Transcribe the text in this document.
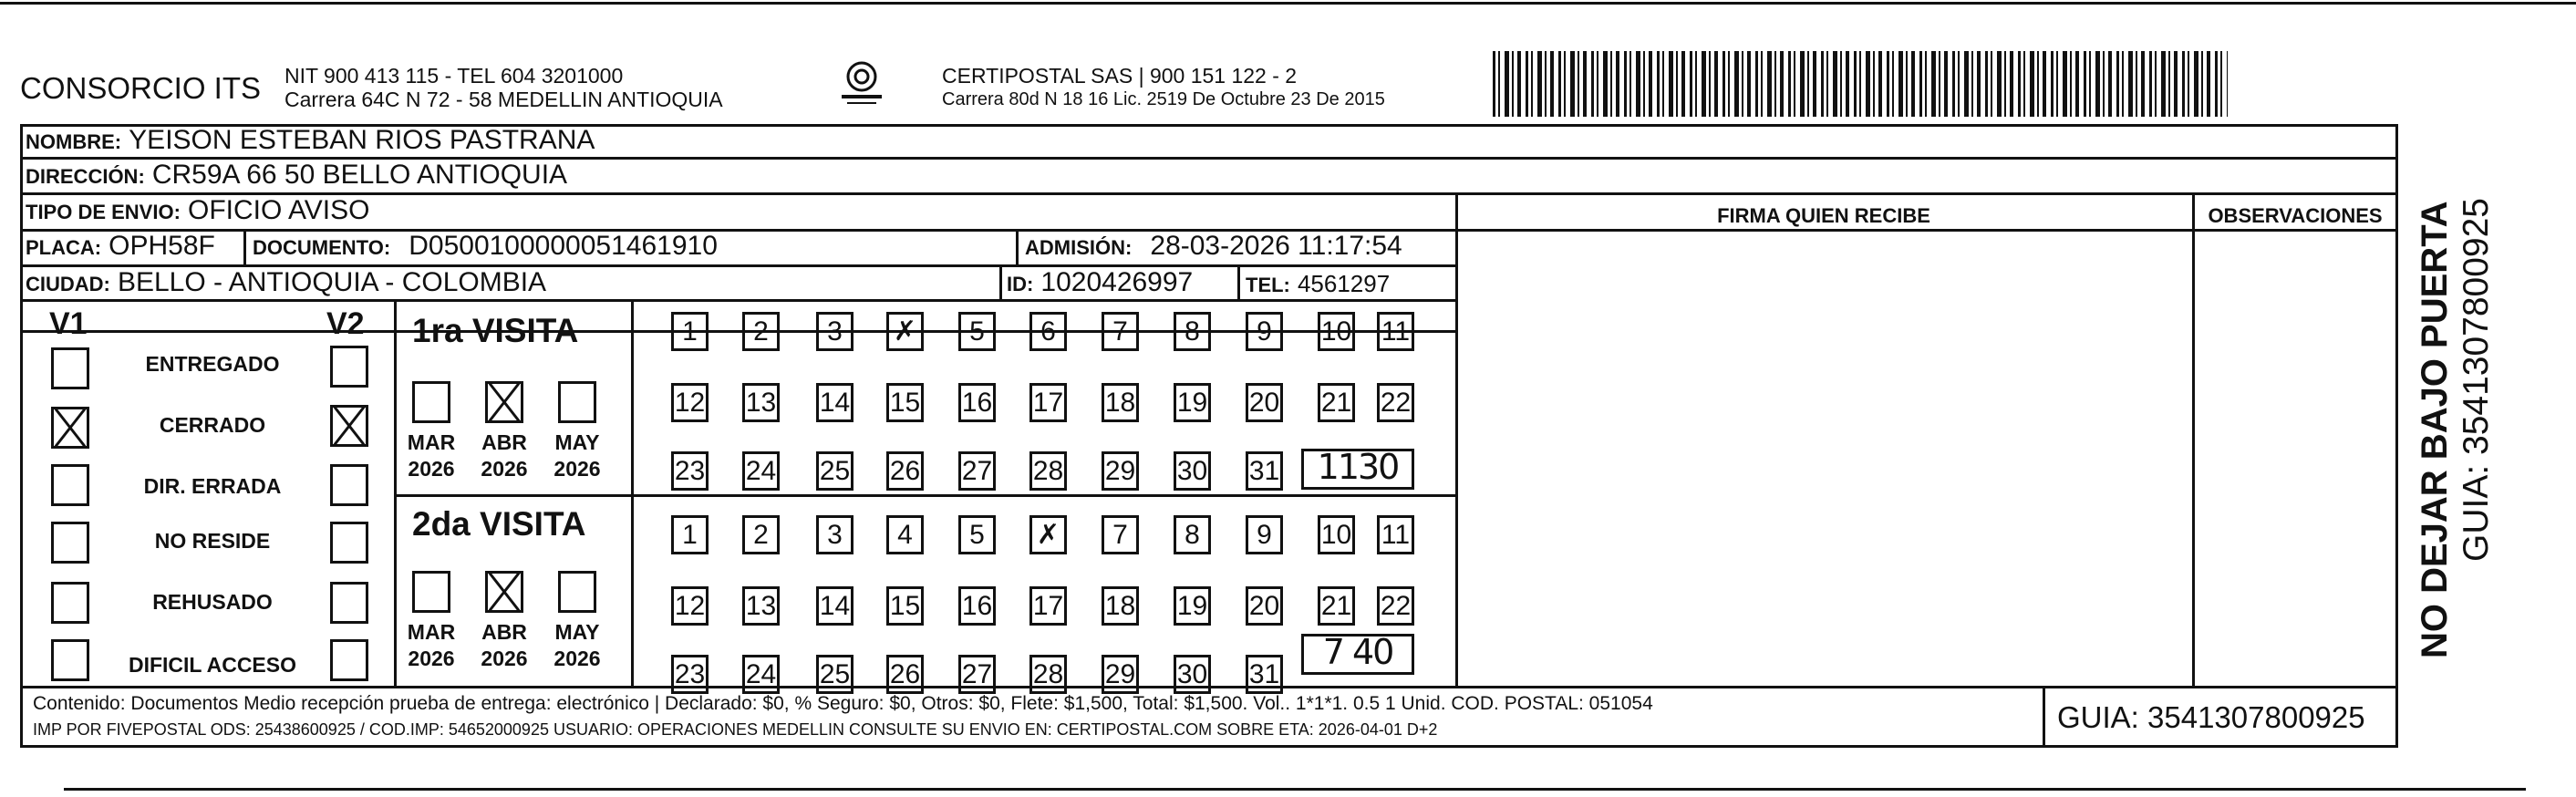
CONSORCIO ITS NIT 900 413 115 - TEL 604 3201000
Carrera 64C N 72 - 58 MEDELLIN ANTIOQUIA
CERTIPOSTAL SAS | 900 151 122 - 2
Carrera 80d N 18 16 Lic. 2519 De Octubre 23 De 2015
NOMBRE: YEISON ESTEBAN RIOS PASTRANA
DIRECCIÓN: CR59A 66 50 BELLO ANTIOQUIA
TIPO DE ENVIO: OFICIO AVISO	FIRMA QUIEN RECIBE	OBSERVACIONES
PLACA: OPH58F DOCUMENTO: D0500100000051461910	ADMISIÓN: 28-03-2026 11:17:54
CIUDAD: BELLO - ANTIOQUIA - COLOMBIA	ID: 1020426997	TEL: 4561297
V1	V2
ENTREGADO
CERRADO
DIR. ERRADA
NO RESIDE
REHUSADO
DIFICIL ACCESO
1ra VISITA
MAR	ABR	MAY
2026 2026 2026
1	2	3	✗	5	6	7	8	9	10 11
12 13 14 15 16 17 18 19 20 21 22
23 24 25 26 27 28 29 30 31	1130
2da VISITA
MAR	ABR	MAY
2026 2026 2026
1	2	3	4	5	✗	7	8	9	10 11
12 13 14 15 16 17 18 19 20 21 22
23 24 25 26 27 28 29 30 31
7 40
Contenido: Documentos Medio recepción prueba de entrega: electrónico | Declarado: $0, % Seguro: $0, Otros: $0, Flete: $1,500, Total: $1,500. Vol.. 1*1*1. 0.5 1 Unid. COD. POSTAL: 051054
IMP POR FIVEPOSTAL ODS: 25438600925 / COD.IMP: 54652000925 USUARIO: OPERACIONES MEDELLIN CONSULTE SU ENVIO EN: CERTIPOSTAL.COM SOBRE ETA: 2026-04-01 D+2	GUIA: 3541307800925
NO DEJAR BAJO PUERTA GUIA: 3541307800925
